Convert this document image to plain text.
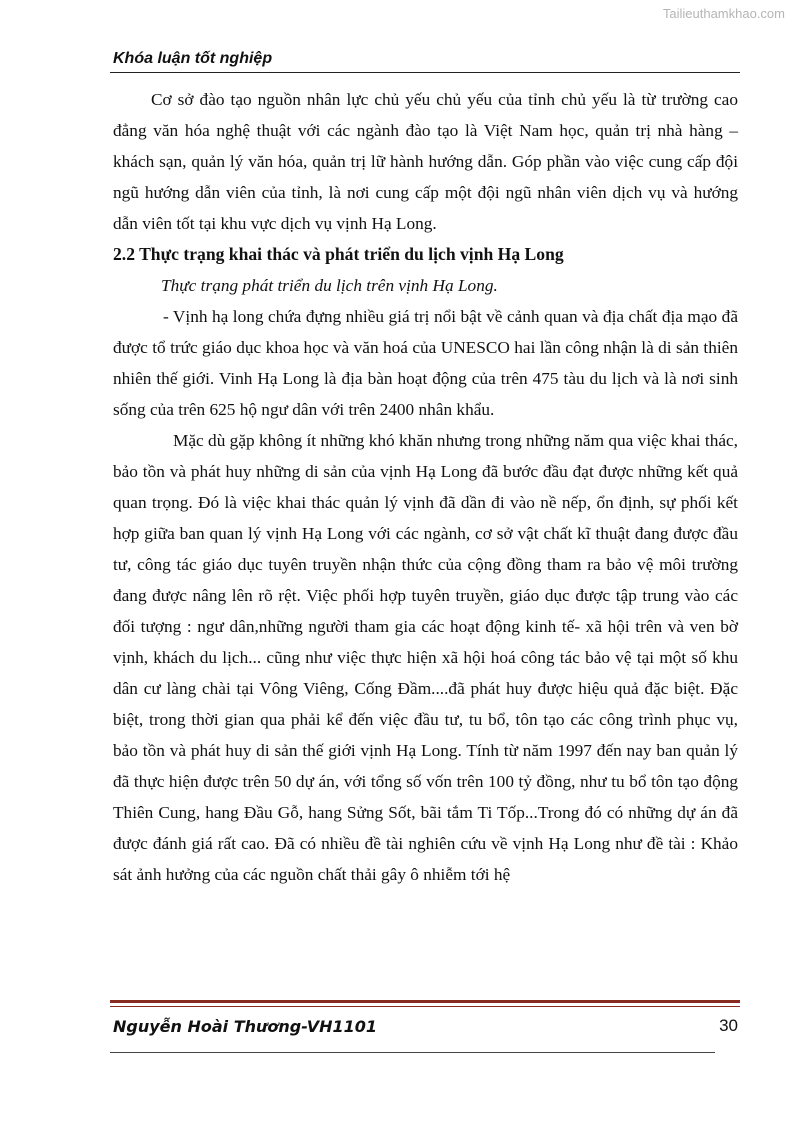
Tailieuthamkhao.com
Khóa luận tốt nghiệp

Cơ sở đào tạo nguồn nhân lực chủ yếu chủ yếu của tỉnh chủ yếu là từ trường cao đẳng văn hóa nghệ thuật với các ngành đào tạo là Việt Nam học, quản trị nhà hàng – khách sạn, quản lý văn hóa, quản trị lữ hành hướng dẫn. Góp phần vào việc cung cấp đội ngũ hướng dẫn viên của tỉnh, là nơi cung cấp một đội ngũ nhân viên dịch vụ và hướng dẫn viên tốt tại khu vực dịch vụ vịnh Hạ Long.

2.2 Thực trạng khai thác và phát triển du lịch vịnh Hạ Long

Thực trạng phát triển du lịch trên vịnh Hạ Long.

- Vịnh hạ long chứa đựng nhiều giá trị nổi bật về cảnh quan và địa chất địa mạo đã được tổ trức giáo dục khoa học và văn hoá của UNESCO hai lần công nhận là di sản thiên nhiên thế giới. Vinh Hạ Long là địa bàn hoạt động của trên 475 tàu du lịch và là nơi sinh sống của trên 625 hộ ngư dân với trên 2400 nhân khẩu.

Mặc dù gặp không ít những khó khăn nhưng trong những năm qua việc khai thác, bảo tồn và phát huy những di sản của vịnh Hạ Long đã bước đầu đạt được những kết quả quan trọng. Đó là việc khai thác quản lý vịnh đã dần đi vào nề nếp, ổn định, sự phối kết hợp giữa ban quan lý vịnh Hạ Long với các ngành, cơ sở vật chất kĩ thuật đang được đầu tư, công tác giáo dục tuyên truyền nhận thức của cộng đồng tham ra bảo vệ môi trường đang được nâng lên rõ rệt. Việc phối hợp tuyên truyền, giáo dục được tập trung vào các đối tượng : ngư dân,những người tham gia các hoạt động kinh tế- xã hội trên và ven bờ vịnh, khách du lịch... cũng như việc thực hiện xã hội hoá công tác bảo vệ tại một số khu dân cư làng chài tại Vông Viêng, Cống Đầm....đã phát huy được hiệu quả đặc biệt. Đặc biệt, trong thời gian qua phải kể đến việc đầu tư, tu bổ, tôn tạo các công trình phục vụ, bảo tồn và phát huy di sản thế giới vịnh Hạ Long. Tính từ năm 1997 đến nay ban quản lý đã thực hiện được trên 50 dự án, với tổng số vốn trên 100 tỷ đồng, như tu bổ tôn tạo động Thiên Cung, hang Đầu Gỗ, hang Sửng Sốt, bãi tắm Ti Tốp...Trong đó có những dự án đã được đánh giá rất cao. Đã có nhiều đề tài nghiên cứu về vịnh Hạ Long như đề tài : Khảo sát ảnh hưởng của các nguồn chất thải gây ô nhiễm tới hệ

Nguyễn Hoài Thương-VH1101	30
